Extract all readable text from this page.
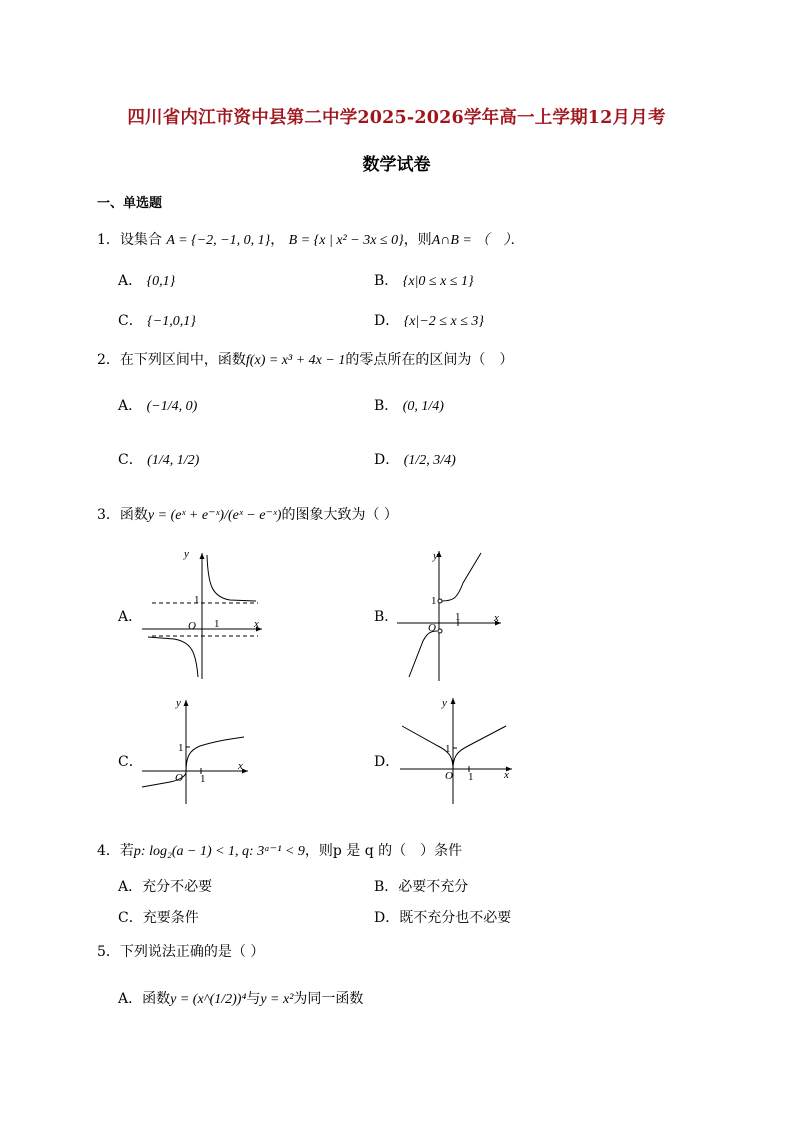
四川省内江市资中县第二中学2025-2026学年高一上学期12月月考
数学试卷
一、单选题
1．设集合 A = {−2, −1, 0, 1}， B = {x | x² − 3x ≤ 0}，则A∩B = （　）．
A． {0,1}	B． {x|0 ≤ x ≤ 1}
C． {−1,0,1}	D． {x|−2 ≤ x ≤ 3}
2．在下列区间中，函数f(x) = x³ + 4x − 1的零点所在的区间为（　）
A． (−1/4, 0)	B． (0, 1/4)
C． (1/4, 1/2)	D． (1/2, 3/4)
3．函数y = (eˣ + e⁻ˣ)/(eˣ − e⁻ˣ)的图象大致为（ ）
A．	B．
C．	D．
y
x
O
1
1
y
x
O
1
1
y
x
O
1
1
y
x
O
1
1
4．若p: log₂(a − 1) < 1, q: 3ᵃ⁻¹ < 9，则p 是 q 的（　）条件
A．充分不必要	B．必要不充分
C．充要条件	D．既不充分也不必要
5．下列说法正确的是（ ）
A．函数y = (x^(1/2))⁴与y = x²为同一函数
